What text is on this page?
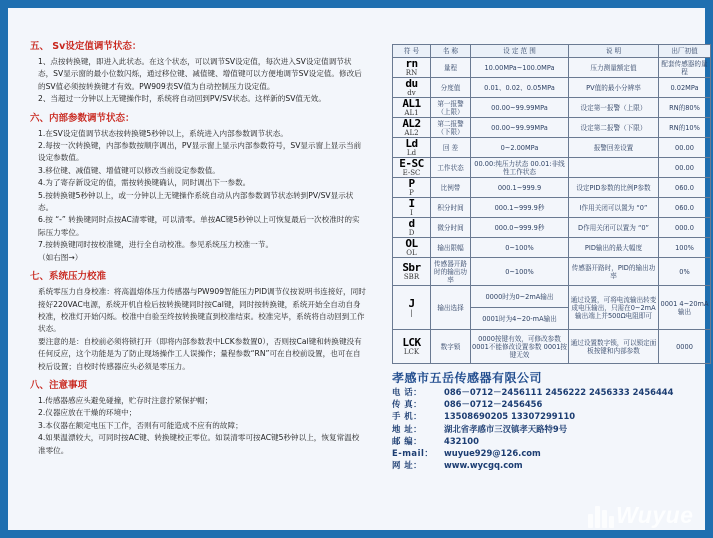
五、 Sv设定值调节状态：
1、点按转换键，即进入此状态。在这个状态，可以调节SV设定值，每次进入SV设定值调节状态，SV显示窗的最小位数闪烁，通过移位键、减值键、增值键可以方便地调节SV设定值。修改后的SV值必须按转换键才有效。PW909表SV值为自动控制压力设定值。
2、当超过一分钟以上无键操作时，系统将自动回到PV/SV状态。这样新的SV值无效。
六、内部参数调节状态：
1.在SV设定值调节状态按转换键5秒钟以上，系统进入内部参数调节状态。
2.每按一次转换键，内部参数按顺序调出，PV显示窗上显示内部参数符号，SV显示窗上显示当前设定参数值。
3.移位键、减值键、增值键可以修改当前设定参数值。
4.为了寄存新设定的值，需按转换键确认，同时调出下一参数。
5.按转换键5秒钟以上，或一分钟以上无键操作系统自动从内部参数调节状态转到PV/SV显示状态。
6.按 “-” 转换键同时点按AC清零键，可以清零。单按AC键5秒钟以上可恢复最后一次校准时的实际压力零位。
7.按转换键同时按校准键，进行全自动校准。参见系统压力校准一节。
（如右图→）
七、系统压力校准
系统零压力自身校准：将高温熔体压力传感器与PW909智能压力PID调节仪按说明书连接好，同时接好220VAC电源，系统开机自检后按转换键同时按Cal键，同时按转换键，系统开始全自动自身校准，校准灯开始闪烁。校准中自验至终按转换键直到校准结束。校准完毕，系统将自动回到工作状态。
要注意的是：自校前必须将锁打开（即将内部参数表中LCK参数置0），否则按Cal键和转换键没有任何反应，这个功能是为了防止现场操作工人误操作；量程参数“RN”可在自校前设置，也可在自校后设置；自校时传感器应头必须是零压力。
八、注意事项
1.传感器感应头避免碰撞，贮存时注意拧紧保护帽；
2.仪器应放在干燥的环境中；
3.本仪器在额定电压下工作，否则有可能造成不应有的故障；
4.如果温漂较大，可同时按AC键、转换键校正零位。如误清零可按AC键5秒钟以上，恢复常温校准零位。
符 号	名 称	设 定 范 围	说 明	出厂初值

rn
RN	量程	10.00MPa~100.0MPa	压力测量额定值	配套传感器的量程

du
dv	分度值	0.01、0.02、0.05MPa	PV值的最小分辨率	0.02MPa

AL1
AL1	第一报警（上限）	00.00~99.99MPa	设定第一报警（上限）	RN的80%

AL2
AL2	第二报警（下限）	00.00~99.99MPa	设定第二报警（下限）	RN的10%

Ld
Ld	回 差	0~2.00MPa	报警回差设置	00.00

E-SC
E-SC	工作状态	00.00:纯压力状态 00.01:非线性工作状态		00.00

P
P	比例带	000.1~999.9	设定PID参数的比例P参数	060.0

I
I	积分时间	000.1~999.9秒	I作用关闭可以置为 “0”	060.0

d
D	微分时间	000.0~999.9秒	D作用关闭可以置为 “0”	000.0

OL
OL	输出限幅	0~100%	PID输出的最大幅度	100%

Sbr
SBR	传感器开路时的输出功率	0~100%	传感器开路时，PID的输出功率	0%

J
|	输出选择	0000时为0~2mA输出	通过设置，可将电流输出转变成电压输出，只需在0~2mA输出端上并500Ω电阻即可	0001 4~20mA输出
		0001时为4~20-mA输出		

LCK
LCK	数字锁	0000按键有效，可修改参数0001不能修改设置参数 0001按键无效	通过设置数字锁，可以锁定面板按键和内部参数	0000
孝感市五岳传感器有限公司
电 话：	086－0712－2456111 2456222 2456333 2456444
传 真：	086－0712－2456456
手 机：	13508690205 13307299110
地 址：	湖北省孝感市三汊镇孝天路特9号
邮 编：	432100
E-mail：	wuyue929@126.com
网 址：	www.wycgq.com
Wuyue
